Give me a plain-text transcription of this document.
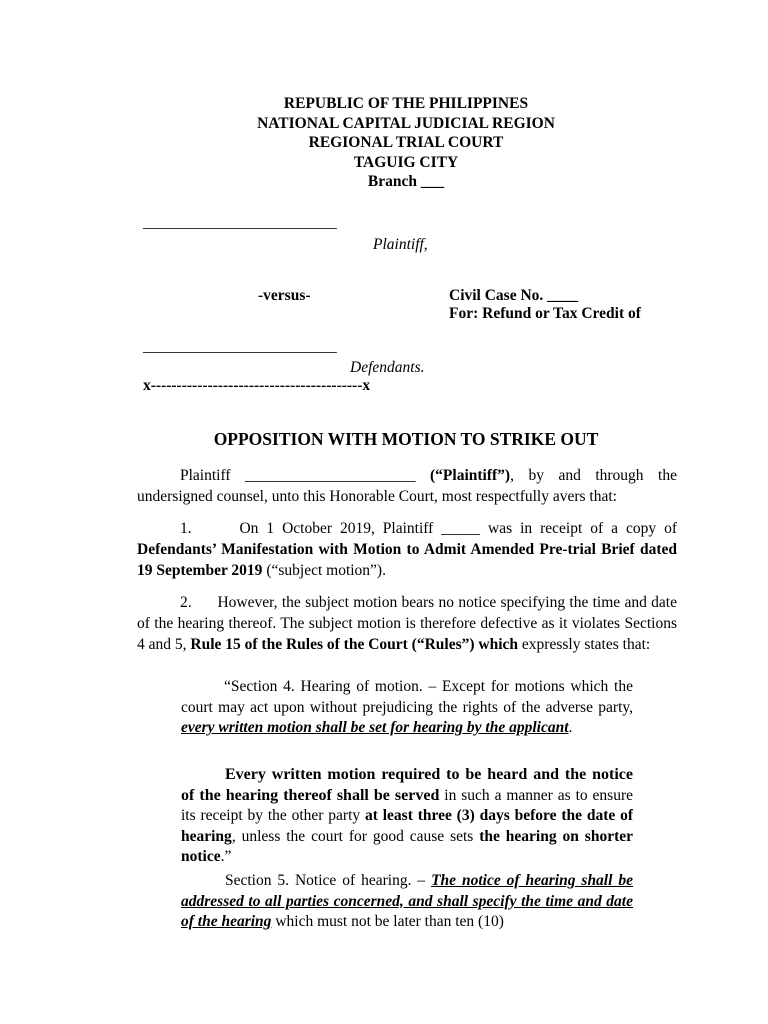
REPUBLIC OF THE PHILIPPINES
NATIONAL CAPITAL JUDICIAL REGION
REGIONAL TRIAL COURT
TAGUIG CITY
Branch ___
_________________________
Plaintiff,
-versus-	Civil Case No. ____
For: Refund or Tax Credit of
_________________________
Defendants.
x-----------------------------------------x
OPPOSITION WITH MOTION TO STRIKE OUT
Plaintiff ______________________ (“Plaintiff”), by and through the undersigned counsel, unto this Honorable Court, most respectfully avers that:
1.      On 1 October 2019, Plaintiff _____ was in receipt of a copy of Defendants’ Manifestation with Motion to Admit Amended Pre-trial Brief dated 19 September 2019 (“subject motion”).
2.      However, the subject motion bears no notice specifying the time and date of the hearing thereof. The subject motion is therefore defective as it violates Sections 4 and 5, Rule 15 of the Rules of the Court (“Rules”) which expressly states that:
“Section 4. Hearing of motion. – Except for motions which the court may act upon without prejudicing the rights of the adverse party, every written motion shall be set for hearing by the applicant.
Every written motion required to be heard and the notice of the hearing thereof shall be served in such a manner as to ensure its receipt by the other party at least three (3) days before the date of hearing, unless the court for good cause sets the hearing on shorter notice.”
Section 5. Notice of hearing. – The notice of hearing shall be addressed to all parties concerned, and shall specify the time and date of the hearing which must not be later than ten (10)
